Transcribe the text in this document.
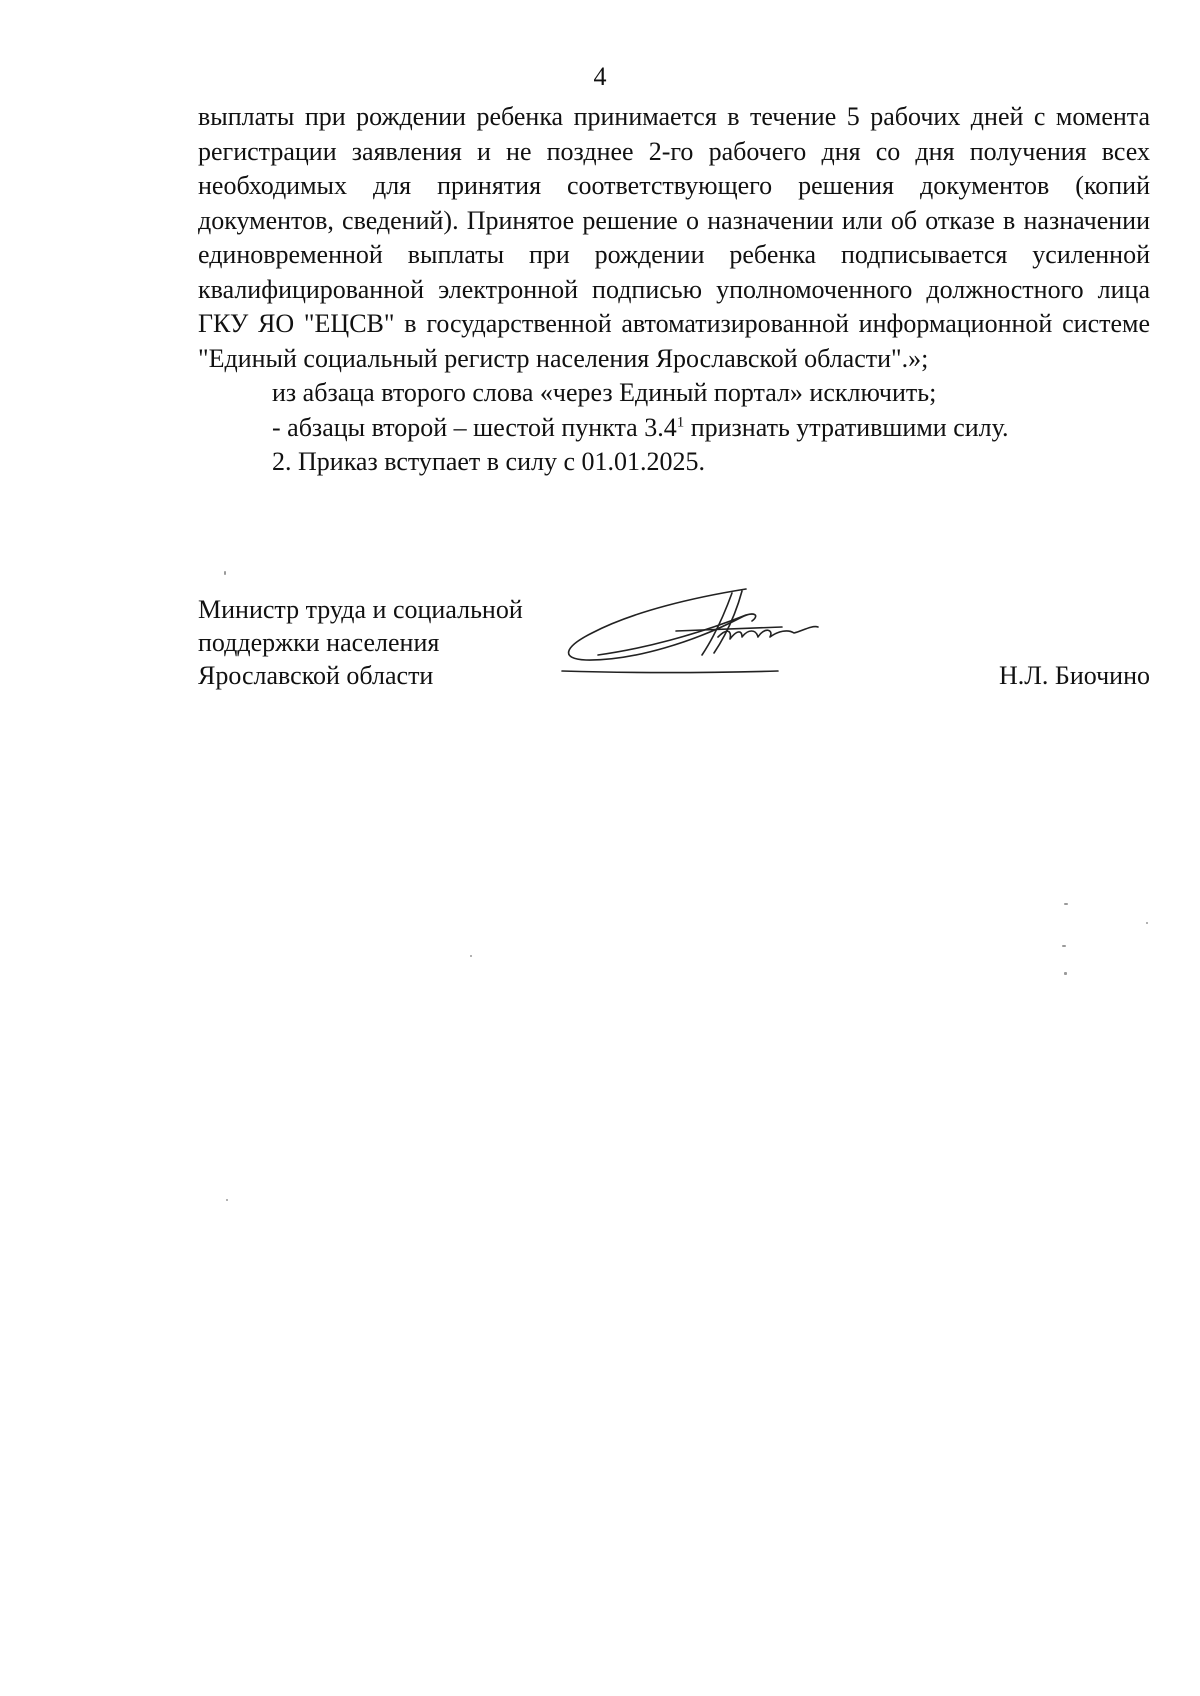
4

выплаты при рождении ребенка принимается в течение 5 рабочих дней с момента регистрации заявления и не позднее 2-го рабочего дня со дня получения всех необходимых для принятия соответствующего решения документов (копий документов, сведений). Принятое решение о назначении или об отказе в назначении единовременной выплаты при рождении ребенка подписывается усиленной квалифицированной электронной подписью уполномоченного должностного лица ГКУ ЯО "ЕЦСВ" в государственной автоматизированной информационной системе "Единый социальный регистр населения Ярославской области".»;

из абзаца второго слова «через Единый портал» исключить;

- абзацы второй – шестой пункта $3.4^1$ признать утратившими силу.

2. Приказ вступает в силу с 01.01.2025.

Министр труда и социальной
поддержки населения
Ярославской области	Н.Л. Биочино
